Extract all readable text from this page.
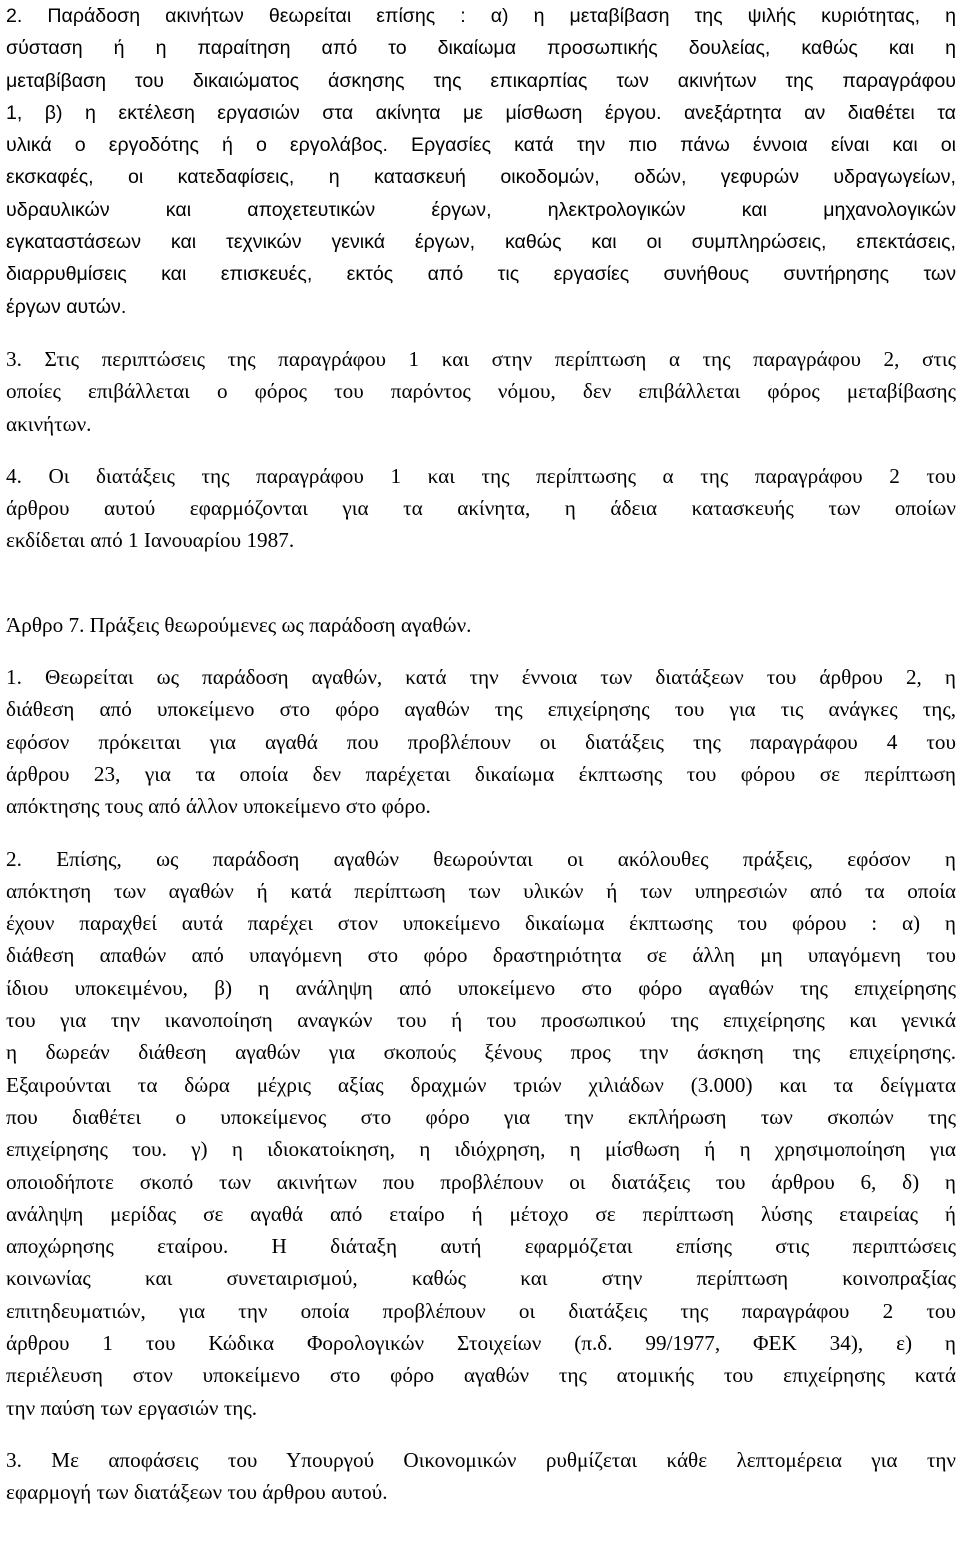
2. Παράδοση ακινήτων θεωρείται επίσης : α) η μεταβίβαση της ψιλής κυριότητας, η
σύσταση ή η παραίτηση από το δικαίωμα προσωπικής δουλείας, καθώς και η
μεταβίβαση του δικαιώματος άσκησης της επικαρπίας των ακινήτων της παραγράφου
1, β) η εκτέλεση εργασιών στα ακίνητα με μίσθωση έργου. ανεξάρτητα αν διαθέτει τα
υλικά ο εργοδότης ή ο εργολάβος. Εργασίες κατά την πιο πάνω έννοια είναι και οι
εκσκαφές, οι κατεδαφίσεις, η κατασκευή οικοδομών, οδών, γεφυρών υδραγωγείων,
υδραυλικών και αποχετευτικών έργων, ηλεκτρολογικών και μηχανολογικών
εγκαταστάσεων και τεχνικών γενικά έργων, καθώς και οι συμπληρώσεις, επεκτάσεις,
διαρρυθμίσεις και επισκευές, εκτός από τις εργασίες συνήθους συντήρησης των
έργων αυτών.
3. Στις περιπτώσεις της παραγράφου 1 και στην περίπτωση α της παραγράφου 2, στις
οποίες επιβάλλεται ο φόρος του παρόντος νόμου, δεν επιβάλλεται φόρος μεταβίβασης
ακινήτων.
4. Οι διατάξεις της παραγράφου 1 και της περίπτωσης α της παραγράφου 2 του
άρθρου αυτού εφαρμόζονται για τα ακίνητα, η άδεια κατασκευής των οποίων
εκδίδεται από 1 Ιανουαρίου 1987.
Άρθρο 7. Πράξεις θεωρούμενες ως παράδοση αγαθών.
1. Θεωρείται ως παράδοση αγαθών, κατά την έννοια των διατάξεων του άρθρου 2, η
διάθεση από υποκείμενο στο φόρο αγαθών της επιχείρησης του για τις ανάγκες της,
εφόσον πρόκειται για αγαθά που προβλέπουν οι διατάξεις της παραγράφου 4 του
άρθρου 23, για τα οποία δεν παρέχεται δικαίωμα έκπτωσης του φόρου σε περίπτωση
απόκτησης τους από άλλον υποκείμενο στο φόρο.
2. Επίσης, ως παράδοση αγαθών θεωρούνται οι ακόλουθες πράξεις, εφόσον η
απόκτηση των αγαθών ή κατά περίπτωση των υλικών ή των υπηρεσιών από τα οποία
έχουν παραχθεί αυτά παρέχει στον υποκείμενο δικαίωμα έκπτωσης του φόρου : α) η
διάθεση απαθών από υπαγόμενη στο φόρο δραστηριότητα σε άλλη μη υπαγόμενη του
ίδιου υποκειμένου, β) η ανάληψη από υποκείμενο στο φόρο αγαθών της επιχείρησης
του για την ικανοποίηση αναγκών του ή του προσωπικού της επιχείρησης και γενικά
η δωρεάν διάθεση αγαθών για σκοπούς ξένους προς την άσκηση της επιχείρησης.
Εξαιρούνται τα δώρα μέχρις αξίας δραχμών τριών χιλιάδων (3.000) και τα δείγματα
που διαθέτει ο υποκείμενος στο φόρο για την εκπλήρωση των σκοπών της
επιχείρησης του. γ) η ιδιοκατοίκηση, η ιδιόχρηση, η μίσθωση ή η χρησιμοποίηση για
οποιοδήποτε σκοπό των ακινήτων που προβλέπουν οι διατάξεις του άρθρου 6, δ) η
ανάληψη μερίδας σε αγαθά από εταίρο ή μέτοχο σε περίπτωση λύσης εταιρείας ή
αποχώρησης εταίρου. Η διάταξη αυτή εφαρμόζεται επίσης στις περιπτώσεις
κοινωνίας και συνεταιρισμού, καθώς και στην περίπτωση κοινοπραξίας
επιτηδευματιών, για την οποία προβλέπουν οι διατάξεις της παραγράφου 2 του
άρθρου 1 του Κώδικα Φορολογικών Στοιχείων (π.δ. 99/1977, ΦΕΚ 34), ε) η
περιέλευση στον υποκείμενο στο φόρο αγαθών της ατομικής του επιχείρησης κατά
την παύση των εργασιών της.
3. Με αποφάσεις του Υπουργού Οικονομικών ρυθμίζεται κάθε λεπτομέρεια για την
εφαρμογή των διατάξεων του άρθρου αυτού.
